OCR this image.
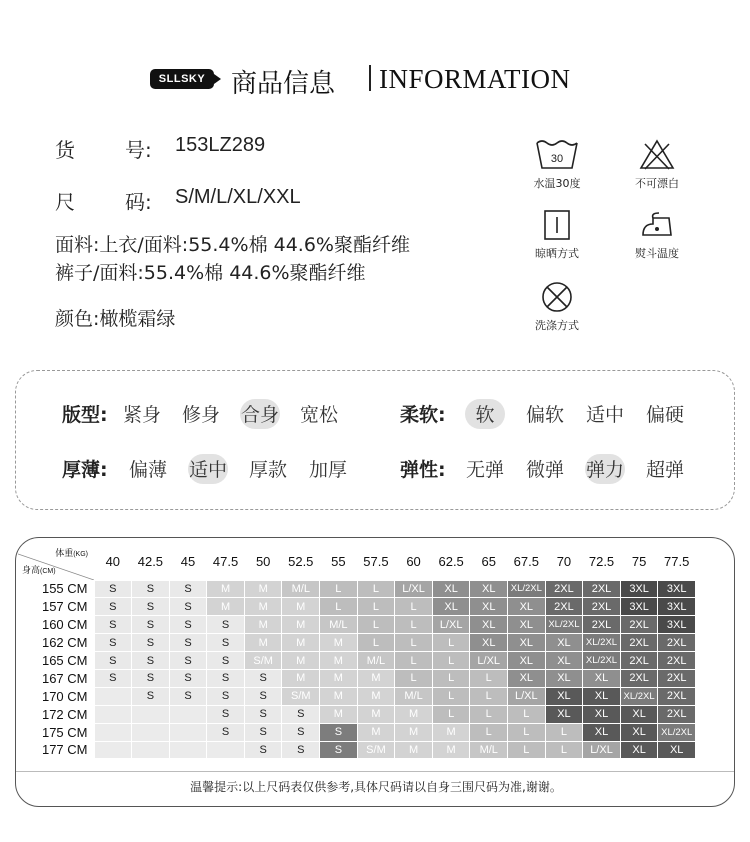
SLLSKY 商品信息 INFORMATION
货	号: 153LZ289
尺	码: S/M/L/XL/XXL
面料:上衣/面料:55.4%棉 44.6%聚酯纤维
裤子/面料:55.4%棉 44.6%聚酯纤维
颜色:橄榄霜绿
30
水温30度	不可漂白
晾晒方式	熨斗温度
洗涤方式
版型: 紧身	修身	合身	宽松	柔软:	软	偏软	适中	偏硬
厚薄:	偏薄	适中	厚款	加厚	弹性:	无弹	微弹	弹力	超弹
体重(KG)
身高(CM)	40	42.5	45	47.5	50	52.5	55	57.5	60	62.5	65	67.5	70	72.5	75	77.5
155 CM	S	S	S	M	M	M/L	L	L	L/XL	XL	XL	XL/2XL	2XL	2XL	3XL	3XL
157 CM	S	S	S	M	M	M	L	L	L	XL	XL	XL	2XL	2XL	3XL	3XL
160 CM	S	S	S	S	M	M	M/L	L	L	L/XL	XL	XL	XL/2XL	2XL	2XL	3XL
162 CM	S	S	S	S	M	M	M	L	L	L	XL	XL	XL	XL/2XL	2XL	2XL
165 CM	S	S	S	S	S/M	M	M	M/L	L	L	L/XL	XL	XL	XL/2XL	2XL	2XL
167 CM	S	S	S	S	S	M	M	M	L	L	L	XL	XL	XL	2XL	2XL
170 CM		S	S	S	S	S/M	M	M	M/L	L	L	L/XL	XL	XL	XL/2XL	2XL
172 CM				S	S	S	M	M	M	L	L	L	XL	XL	XL	2XL
175 CM				S	S	S	S	M	M	M	L	L	L	XL	XL	XL/2XL
177 CM					S	S	S	S/M	M	M	M/L	L	L	L/XL	XL	XL
温馨提示:以上尺码表仅供参考,具体尺码请以自身三围尺码为准,谢谢。
